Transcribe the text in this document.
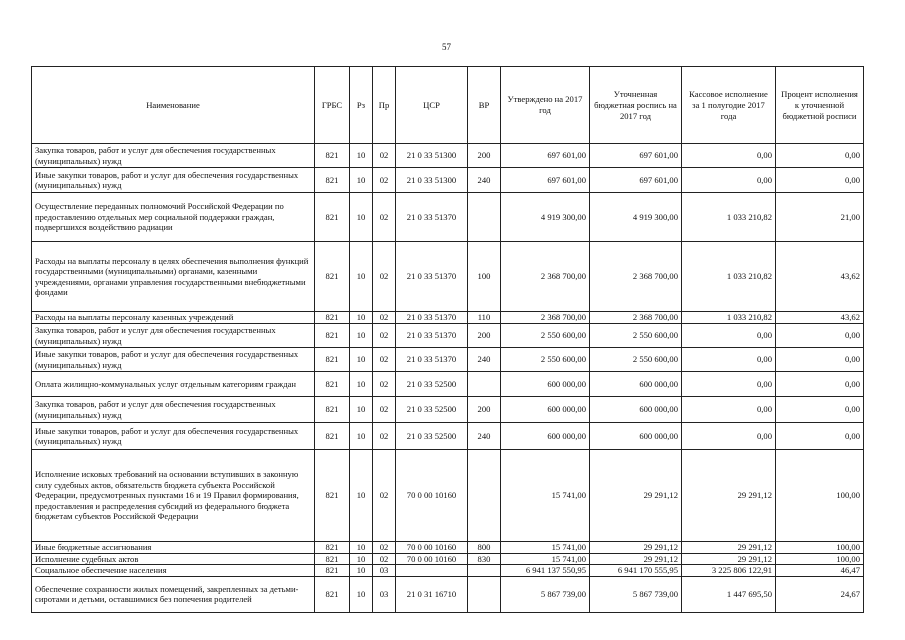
57
Наименование	ГРБС	Рз	Пр	ЦСР	ВР	Утверждено на 2017 год	Уточненная бюджетная роспись на 2017 год	Кассовое исполнение за 1 полугодие 2017 года	Процент исполнения к уточненной бюджетной росписи
Закупка товаров, работ и услуг для обеспечения государственных (муниципальных) нужд	821	10	02	21 0 33 51300	200	697 601,00	697 601,00	0,00	0,00
Иные закупки товаров, работ и услуг для обеспечения государственных (муниципальных) нужд	821	10	02	21 0 33 51300	240	697 601,00	697 601,00	0,00	0,00
Осуществление переданных полномочий Российской Федерации по предоставлению отдельных мер социальной поддержки граждан, подвергшихся воздействию радиации	821	10	02	21 0 33 51370		4 919 300,00	4 919 300,00	1 033 210,82	21,00
Расходы на выплаты персоналу в целях обеспечения выполнения функций государственными (муниципальными) органами, казенными учреждениями, органами управления государственными внебюджетными фондами	821	10	02	21 0 33 51370	100	2 368 700,00	2 368 700,00	1 033 210,82	43,62
Расходы на выплаты персоналу казенных учреждений	821	10	02	21 0 33 51370	110	2 368 700,00	2 368 700,00	1 033 210,82	43,62
Закупка товаров, работ и услуг для обеспечения государственных (муниципальных) нужд	821	10	02	21 0 33 51370	200	2 550 600,00	2 550 600,00	0,00	0,00
Иные закупки товаров, работ и услуг для обеспечения государственных (муниципальных) нужд	821	10	02	21 0 33 51370	240	2 550 600,00	2 550 600,00	0,00	0,00
Оплата жилищно-коммунальных услуг отдельным категориям граждан	821	10	02	21 0 33 52500		600 000,00	600 000,00	0,00	0,00
Закупка товаров, работ и услуг для обеспечения государственных (муниципальных) нужд	821	10	02	21 0 33 52500	200	600 000,00	600 000,00	0,00	0,00
Иные закупки товаров, работ и услуг для обеспечения государственных (муниципальных) нужд	821	10	02	21 0 33 52500	240	600 000,00	600 000,00	0,00	0,00
Исполнение исковых требований на основании вступивших в законную силу судебных актов, обязательств бюджета субъекта Российской Федерации, предусмотренных пунктами 16 и 19 Правил формирования, предоставления и распределения субсидий из федерального бюджета бюджетам субъектов Российской Федерации	821	10	02	70 0 00 10160		15 741,00	29 291,12	29 291,12	100,00
Иные бюджетные ассигнования	821	10	02	70 0 00 10160	800	15 741,00	29 291,12	29 291,12	100,00
Исполнение судебных актов	821	10	02	70 0 00 10160	830	15 741,00	29 291,12	29 291,12	100,00
Социальное обеспечение населения	821	10	03			6 941 137 550,95	6 941 170 555,95	3 225 806 122,91	46,47
Обеспечение сохранности жилых помещений, закрепленных за детьми-сиротами и детьми, оставшимися без попечения родителей	821	10	03	21 0 31 16710		5 867 739,00	5 867 739,00	1 447 695,50	24,67
